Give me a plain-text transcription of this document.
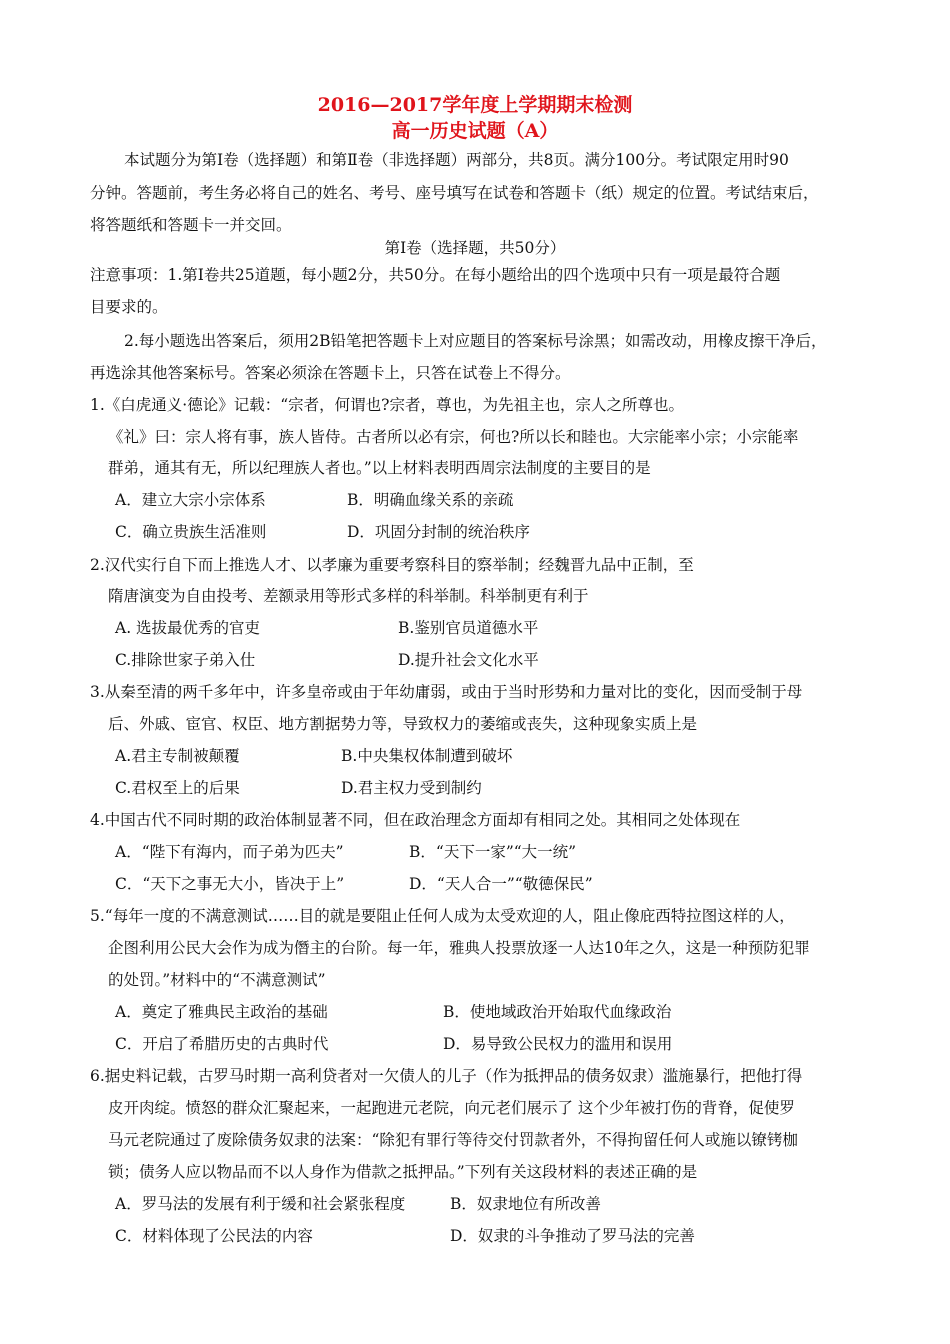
2016—2017学年度上学期期末检测
高一历史试题（A）
本试题分为第Ⅰ卷（选择题）和第Ⅱ卷（非选择题）两部分，共8页。满分100分。考试限定用时90
分钟。答题前，考生务必将自己的姓名、考号、座号填写在试卷和答题卡（纸）规定的位置。考试结束后，
将答题纸和答题卡一并交回。
第Ⅰ卷（选择题，共50分）
注意事项：1.第Ⅰ卷共25道题，每小题2分，共50分。在每小题给出的四个选项中只有一项是最符合题
目要求的。
2.每小题选出答案后，须用2B铅笔把答题卡上对应题目的答案标号涂黑；如需改动，用橡皮擦干净后，
再选涂其他答案标号。答案必须涂在答题卡上，只答在试卷上不得分。
1.《白虎通义·德论》记载：“宗者，何谓也?宗者，尊也，为先祖主也，宗人之所尊也。
《礼》曰：宗人将有事，族人皆侍。古者所以必有宗，何也?所以长和睦也。大宗能率小宗；小宗能率
群弟，通其有无，所以纪理族人者也。”以上材料表明西周宗法制度的主要目的是
A．建立大宗小宗体系	B．明确血缘关系的亲疏
C．确立贵族生活准则	D．巩固分封制的统治秩序
2.汉代实行自下而上推选人才、以孝廉为重要考察科目的察举制；经魏晋九品中正制，至
隋唐演变为自由投考、差额录用等形式多样的科举制。科举制更有利于
A. 选拔最优秀的官吏	B.鉴别官员道德水平
C.排除世家子弟入仕	D.提升社会文化水平
3.从秦至清的两千多年中，许多皇帝或由于年幼庸弱，或由于当时形势和力量对比的变化，因而受制于母
后、外戚、宦官、权臣、地方割据势力等，导致权力的萎缩或丧失，这种现象实质上是
A.君主专制被颠覆	B.中央集权体制遭到破坏
C.君权至上的后果	D.君主权力受到制约
4.中国古代不同时期的政治体制显著不同，但在政治理念方面却有相同之处。其相同之处体现在
A．“陛下有海内，而子弟为匹夫”	B．“天下一家”“大一统”
C．“天下之事无大小，皆决于上”	D．“天人合一”“敬德保民”
5.“每年一度的不满意测试……目的就是要阻止任何人成为太受欢迎的人，阻止像庇西特拉图这样的人，
企图利用公民大会作为成为僭主的台阶。每一年，雅典人投票放逐一人达10年之久，这是一种预防犯罪
的处罚。”材料中的“不满意测试”
A．奠定了雅典民主政治的基础	B．使地域政治开始取代血缘政治
C．开启了希腊历史的古典时代	D．易导致公民权力的滥用和误用
6.据史料记载，古罗马时期一高利贷者对一欠债人的儿子（作为抵押品的债务奴隶）滥施暴行，把他打得
皮开肉绽。愤怒的群众汇聚起来，一起跑进元老院，向元老们展示了 这个少年被打伤的背脊，促使罗
马元老院通过了废除债务奴隶的法案：“除犯有罪行等待交付罚款者外，不得拘留任何人或施以镣铐枷
锁；债务人应以物品而不以人身作为借款之抵押品。”下列有关这段材料的表述正确的是
A．罗马法的发展有利于缓和社会紧张程度	B．奴隶地位有所改善
C．材料体现了公民法的内容	D．奴隶的斗争推动了罗马法的完善
